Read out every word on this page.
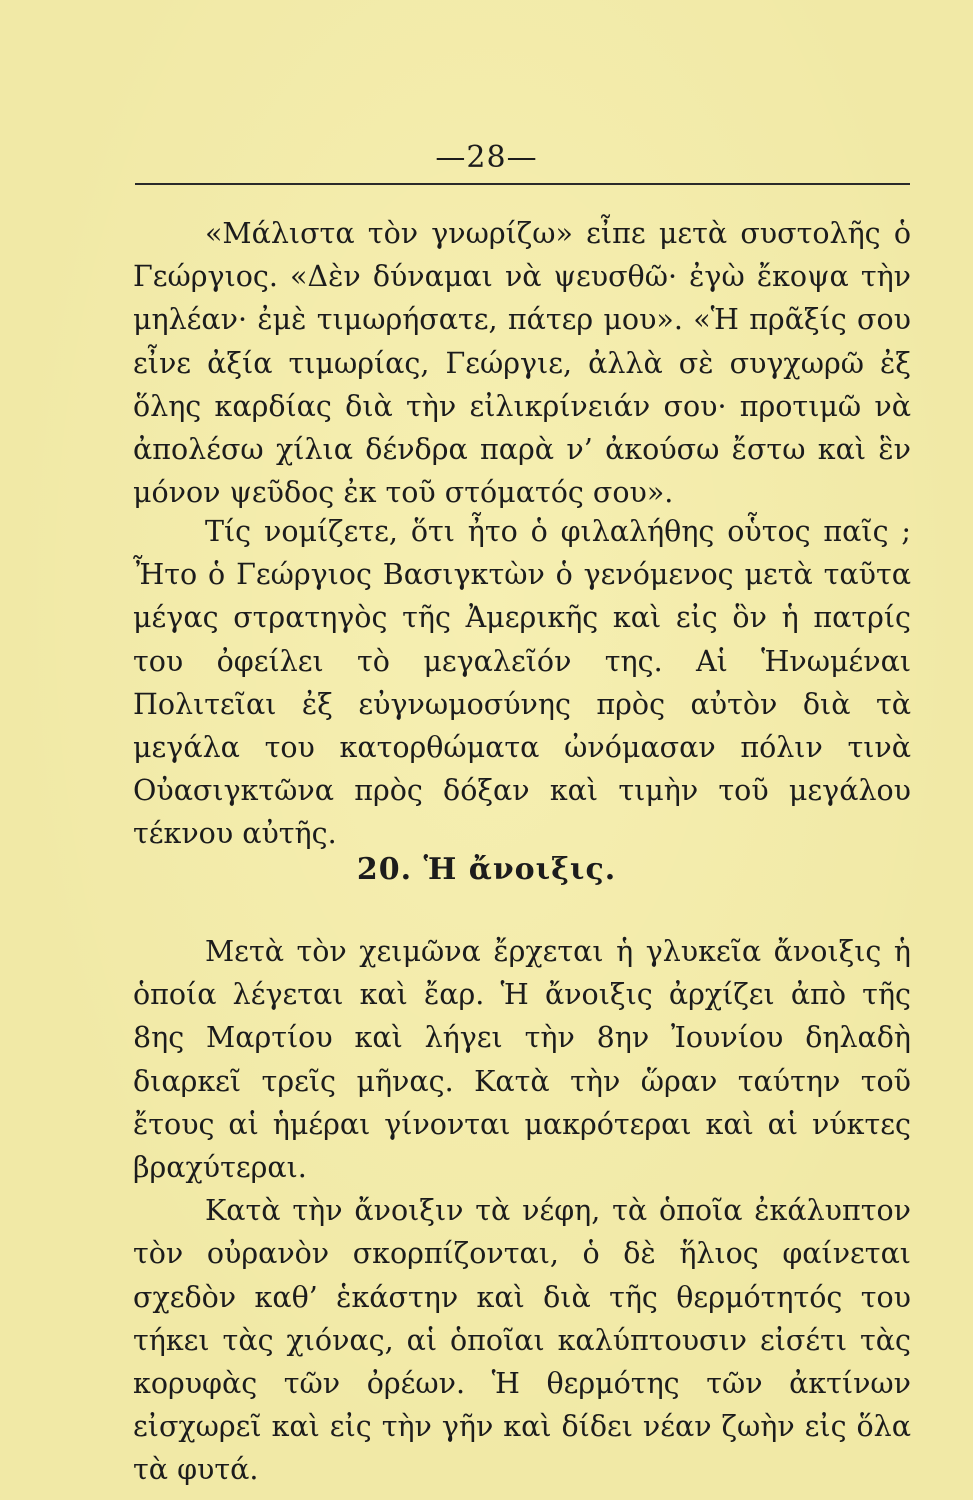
—28—

«Μάλιστα τὸν γνωρίζω» εἶπε μετὰ συστολῆς ὁ Γεώργιος. «Δὲν δύναμαι νὰ ψευσθῶ· ἐγὼ ἔκοψα τὴν μηλέαν· ἐμὲ τιμωρήσατε, πάτερ μου». «Ἡ πρᾶξίς σου εἶνε ἀξία τιμωρίας, Γεώργιε, ἀλλὰ σὲ συγχωρῶ ἐξ ὅλης καρδίας διὰ τὴν εἰλικρίνειάν σου· προτιμῶ νὰ ἀπολέσω χίλια δένδρα παρὰ ν’ ἀκούσω ἔστω καὶ ἓν μόνον ψεῦδος ἐκ τοῦ στόματός σου».

Τίς νομίζετε, ὅτι ἦτο ὁ φιλαλήθης οὗτος παῖς ; Ἦτο ὁ Γεώργιος Βασιγκτὼν ὁ γενόμενος μετὰ ταῦτα μέγας στρατηγὸς τῆς Ἀμερικῆς καὶ εἰς ὃν ἡ πατρίς του ὀφείλει τὸ μεγαλεῖόν της. Αἱ Ἡνωμέναι Πολιτεῖαι ἐξ εὐγνωμοσύνης πρὸς αὐτὸν διὰ τὰ μεγάλα του κατορθώματα ὠνόμασαν πόλιν τινὰ Οὐασιγκτῶνα πρὸς δόξαν καὶ τιμὴν τοῦ μεγάλου τέκνου αὐτῆς.

20. Ἡ ἄνοιξις.

Μετὰ τὸν χειμῶνα ἔρχεται ἡ γλυκεῖα ἄνοιξις ἡ ὁποία λέγεται καὶ ἔαρ. Ἡ ἄνοιξις ἀρχίζει ἀπὸ τῆς 8ης Μαρτίου καὶ λήγει τὴν 8ην Ἰουνίου δηλαδὴ διαρκεῖ τρεῖς μῆνας. Κατὰ τὴν ὥραν ταύτην τοῦ ἔτους αἱ ἡμέραι γίνονται μακρότεραι καὶ αἱ νύκτες βραχύτεραι.

Κατὰ τὴν ἄνοιξιν τὰ νέφη, τὰ ὁποῖα ἐκάλυπτον τὸν οὐρανὸν σκορπίζονται, ὁ δὲ ἥλιος φαίνεται σχεδὸν καθ’ ἑκάστην καὶ διὰ τῆς θερμότητός του τήκει τὰς χιόνας, αἱ ὁποῖαι καλύπτουσιν εἰσέτι τὰς κορυφὰς τῶν ὀρέων. Ἡ θερμότης τῶν ἀκτίνων εἰσχωρεῖ καὶ εἰς τὴν γῆν καὶ δίδει νέαν ζωὴν εἰς ὅλα τὰ φυτά.
